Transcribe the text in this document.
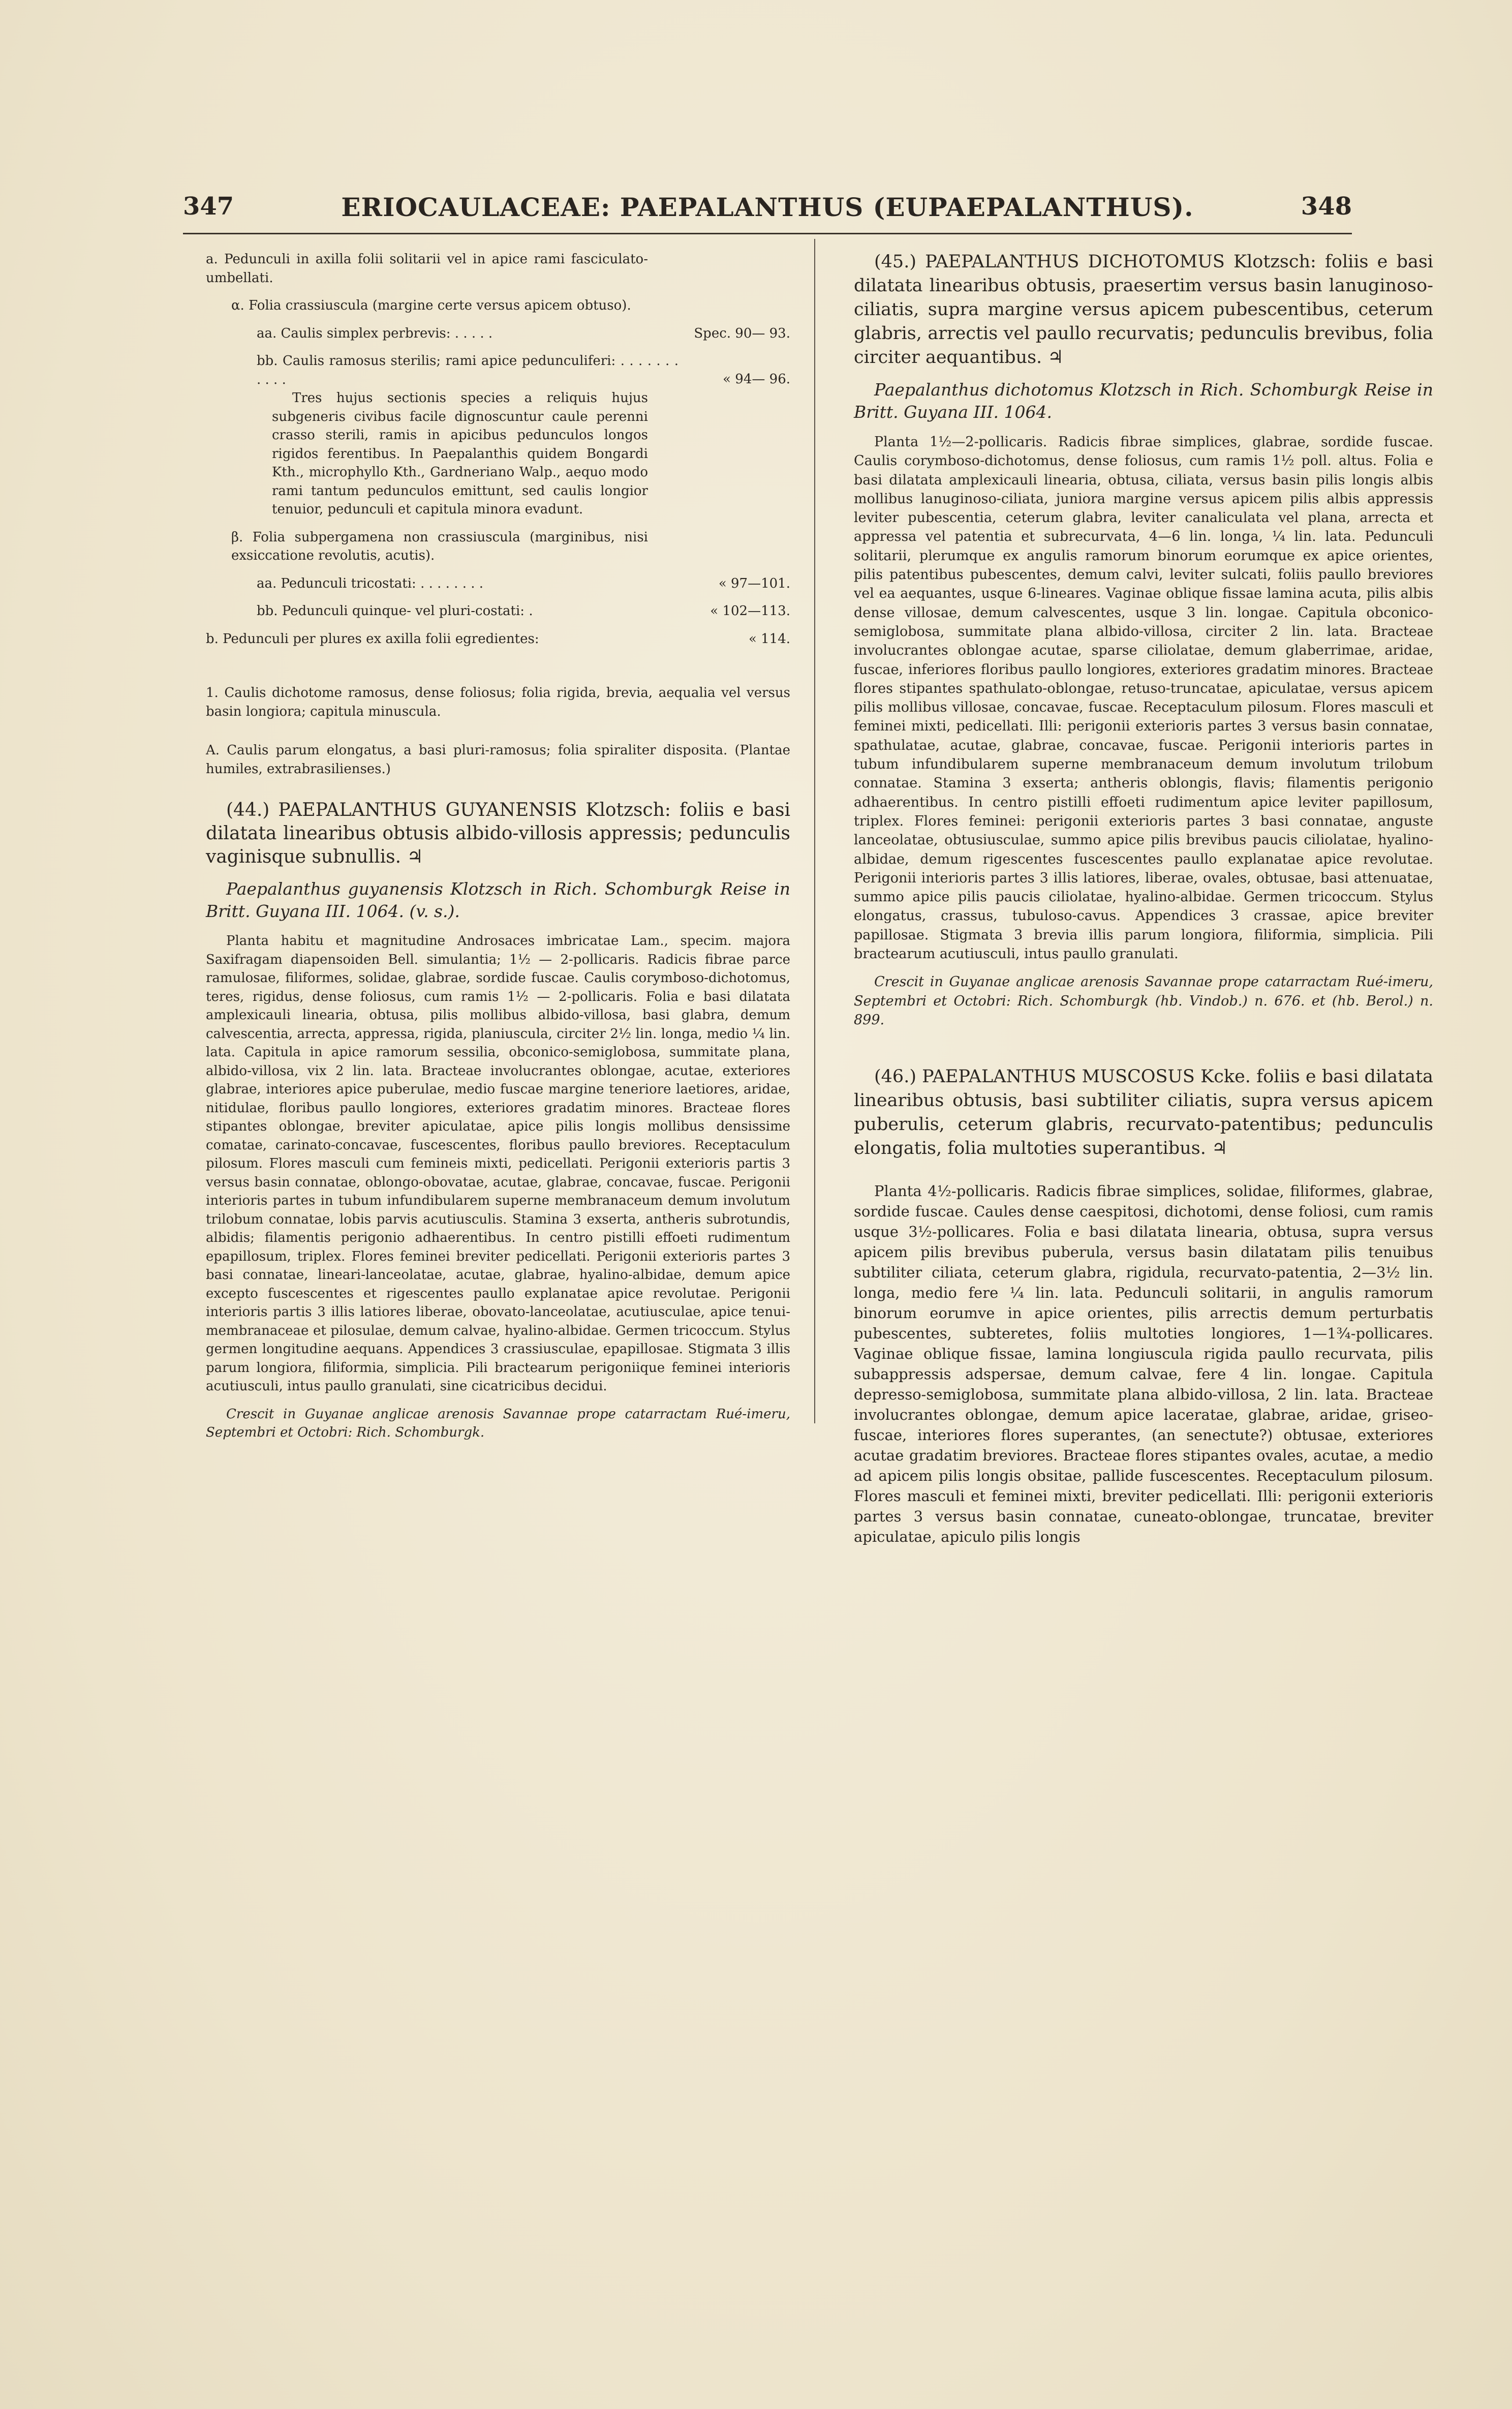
347	ERIOCAULACEAE: PAEPALANTHUS (EUPAEPALANTHUS).	348

a. Pedunculi in axilla folii solitarii vel in apice rami fasciculato-umbellati.

α. Folia crassiuscula (margine certe versus apicem obtuso).

aa. Caulis simplex perbrevis: . . . . .	Spec. 90— 93.
bb. Caulis ramosus sterilis; rami apice pedunculiferi: . . . . . . . . . . .	« 94— 96.

Tres hujus sectionis species a reliquis hujus subgeneris civibus facile dignoscuntur caule perenni crasso sterili, ramis in apicibus pedunculos longos rigidos ferentibus. In Paepalanthis quidem Bongardi Kth., microphyllo Kth., Gardneriano Walp., aequo modo rami tantum pedunculos emittunt, sed caulis longior tenuior, pedunculi et capitula minora evadunt.

β. Folia subpergamena non crassiuscula (marginibus, nisi exsiccatione revolutis, acutis).

aa. Pedunculi tricostati: . . . . . . . .	« 97—101.
bb. Pedunculi quinque- vel pluri-costati: .	« 102—113.
b. Pedunculi per plures ex axilla folii egredientes:	« 114.

1. Caulis dichotome ramosus, dense foliosus; folia rigida, brevia, aequalia vel versus basin longiora; capitula minuscula.

A. Caulis parum elongatus, a basi pluri-ramosus; folia spiraliter disposita. (Plantae humiles, extrabrasilienses.)

(44.) PAEPALANTHUS GUYANENSIS Klotzsch: foliis e basi dilatata linearibus obtusis albido-villosis appressis; pedunculis vaginisque subnullis. ♃

Paepalanthus guyanensis Klotzsch in Rich. Schomburgk Reise in Britt. Guyana III. 1064. (v. s.).

Planta habitu et magnitudine Androsaces imbricatae Lam., specim. majora Saxifragam diapensoiden Bell. simulantia; 1½ — 2-pollicaris. Radicis fibrae parce ramulosae, filiformes, solidae, glabrae, sordide fuscae. Caulis corymboso-dichotomus, teres, rigidus, dense foliosus, cum ramis 1½ — 2-pollicaris. Folia e basi dilatata amplexicauli linearia, obtusa, pilis mollibus albido-villosa, basi glabra, demum calvescentia, arrecta, appressa, rigida, planiuscula, circiter 2½ lin. longa, medio ¼ lin. lata. Capitula in apice ramorum sessilia, obconico-semiglobosa, summitate plana, albido-villosa, vix 2 lin. lata. Bracteae involucrantes oblongae, acutae, exteriores glabrae, interiores apice puberulae, medio fuscae margine teneriore laetiores, aridae, nitidulae, floribus paullo longiores, exteriores gradatim minores. Bracteae flores stipantes oblongae, breviter apiculatae, apice pilis longis mollibus densissime comatae, carinato-concavae, fuscescentes, floribus paullo breviores. Receptaculum pilosum. Flores masculi cum femineis mixti, pedicellati. Perigonii exterioris partis 3 versus basin connatae, oblongo-obovatae, acutae, glabrae, concavae, fuscae. Perigonii interioris partes in tubum infundibularem superne membranaceum demum involutum trilobum connatae, lobis parvis acutiusculis. Stamina 3 exserta, antheris subrotundis, albidis; filamentis perigonio adhaerentibus. In centro pistilli effoeti rudimentum epapillosum, triplex. Flores feminei breviter pedicellati. Perigonii exterioris partes 3 basi connatae, lineari-lanceolatae, acutae, glabrae, hyalino-albidae, demum apice excepto fuscescentes et rigescentes paullo explanatae apice revolutae. Perigonii interioris partis 3 illis latiores liberae, obovato-lanceolatae, acutiusculae, apice tenui-membranaceae et pilosulae, demum calvae, hyalino-albidae. Germen tricoccum. Stylus germen longitudine aequans. Appendices 3 crassiusculae, epapillosae. Stigmata 3 illis parum longiora, filiformia, simplicia. Pili bractearum perigoniique feminei interioris acutiusculi, intus paullo granulati, sine cicatricibus decidui.

Crescit in Guyanae anglicae arenosis Savannae prope catarractam Rué-imeru, Septembri et Octobri: Rich. Schomburgk.

(45.) PAEPALANTHUS DICHOTOMUS Klotzsch: foliis e basi dilatata linearibus obtusis, praesertim versus basin lanuginoso-ciliatis, supra margine versus apicem pubescentibus, ceterum glabris, arrectis vel paullo recurvatis; pedunculis brevibus, folia circiter aequantibus. ♃

Paepalanthus dichotomus Klotzsch in Rich. Schomburgk Reise in Britt. Guyana III. 1064.

Planta 1½—2-pollicaris. Radicis fibrae simplices, glabrae, sordide fuscae. Caulis corymboso-dichotomus, dense foliosus, cum ramis 1½ poll. altus. Folia e basi dilatata amplexicauli linearia, obtusa, ciliata, versus basin pilis longis albis mollibus lanuginoso-ciliata, juniora margine versus apicem pilis albis appressis leviter pubescentia, ceterum glabra, leviter canaliculata vel plana, arrecta et appressa vel patentia et subrecurvata, 4—6 lin. longa, ¼ lin. lata. Pedunculi solitarii, plerumque ex angulis ramorum binorum eorumque ex apice orientes, pilis patentibus pubescentes, demum calvi, leviter sulcati, foliis paullo breviores vel ea aequantes, usque 6-lineares. Vaginae oblique fissae lamina acuta, pilis albis dense villosae, demum calvescentes, usque 3 lin. longae. Capitula obconico-semiglobosa, summitate plana albido-villosa, circiter 2 lin. lata. Bracteae involucrantes oblongae acutae, sparse ciliolatae, demum glaberrimae, aridae, fuscae, inferiores floribus paullo longiores, exteriores gradatim minores. Bracteae flores stipantes spathulato-oblongae, retuso-truncatae, apiculatae, versus apicem pilis mollibus villosae, concavae, fuscae. Receptaculum pilosum. Flores masculi et feminei mixti, pedicellati. Illi: perigonii exterioris partes 3 versus basin connatae, spathulatae, acutae, glabrae, concavae, fuscae. Perigonii interioris partes in tubum infundibularem superne membranaceum demum involutum trilobum connatae. Stamina 3 exserta; antheris oblongis, flavis; filamentis perigonio adhaerentibus. In centro pistilli effoeti rudimentum apice leviter papillosum, triplex. Flores feminei: perigonii exterioris partes 3 basi connatae, anguste lanceolatae, obtusiusculae, summo apice pilis brevibus paucis ciliolatae, hyalino-albidae, demum rigescentes fuscescentes paullo explanatae apice revolutae. Perigonii interioris partes 3 illis latiores, liberae, ovales, obtusae, basi attenuatae, summo apice pilis paucis ciliolatae, hyalino-albidae. Germen tricoccum. Stylus elongatus, crassus, tubuloso-cavus. Appendices 3 crassae, apice breviter papillosae. Stigmata 3 brevia illis parum longiora, filiformia, simplicia. Pili bractearum acutiusculi, intus paullo granulati.

Crescit in Guyanae anglicae arenosis Savannae prope catarractam Rué-imeru, Septembri et Octobri: Rich. Schomburgk (hb. Vindob.) n. 676. et (hb. Berol.) n. 899.

(46.) PAEPALANTHUS MUSCOSUS Kcke. foliis e basi dilatata linearibus obtusis, basi subtiliter ciliatis, supra versus apicem puberulis, ceterum glabris, recurvato-patentibus; pedunculis elongatis, folia multoties superantibus. ♃

Planta 4½-pollicaris. Radicis fibrae simplices, solidae, filiformes, glabrae, sordide fuscae. Caules dense caespitosi, dichotomi, dense foliosi, cum ramis usque 3½-pollicares. Folia e basi dilatata linearia, obtusa, supra versus apicem pilis brevibus puberula, versus basin dilatatam pilis tenuibus subtiliter ciliata, ceterum glabra, rigidula, recurvato-patentia, 2—3½ lin. longa, medio fere ¼ lin. lata. Pedunculi solitarii, in angulis ramorum binorum eorumve in apice orientes, pilis arrectis demum perturbatis pubescentes, subteretes, foliis multoties longiores, 1—1¾-pollicares. Vaginae oblique fissae, lamina longiuscula rigida paullo recurvata, pilis subappressis adspersae, demum calvae, fere 4 lin. longae. Capitula depresso-semiglobosa, summitate plana albido-villosa, 2 lin. lata. Bracteae involucrantes oblongae, demum apice laceratae, glabrae, aridae, griseo-fuscae, interiores flores superantes, (an senectute?) obtusae, exteriores acutae gradatim breviores. Bracteae flores stipantes ovales, acutae, a medio ad apicem pilis longis obsitae, pallide fuscescentes. Receptaculum pilosum. Flores masculi et feminei mixti, breviter pedicellati. Illi: perigonii exterioris partes 3 versus basin connatae, cuneato-oblongae, truncatae, breviter apiculatae, apiculo pilis longis
